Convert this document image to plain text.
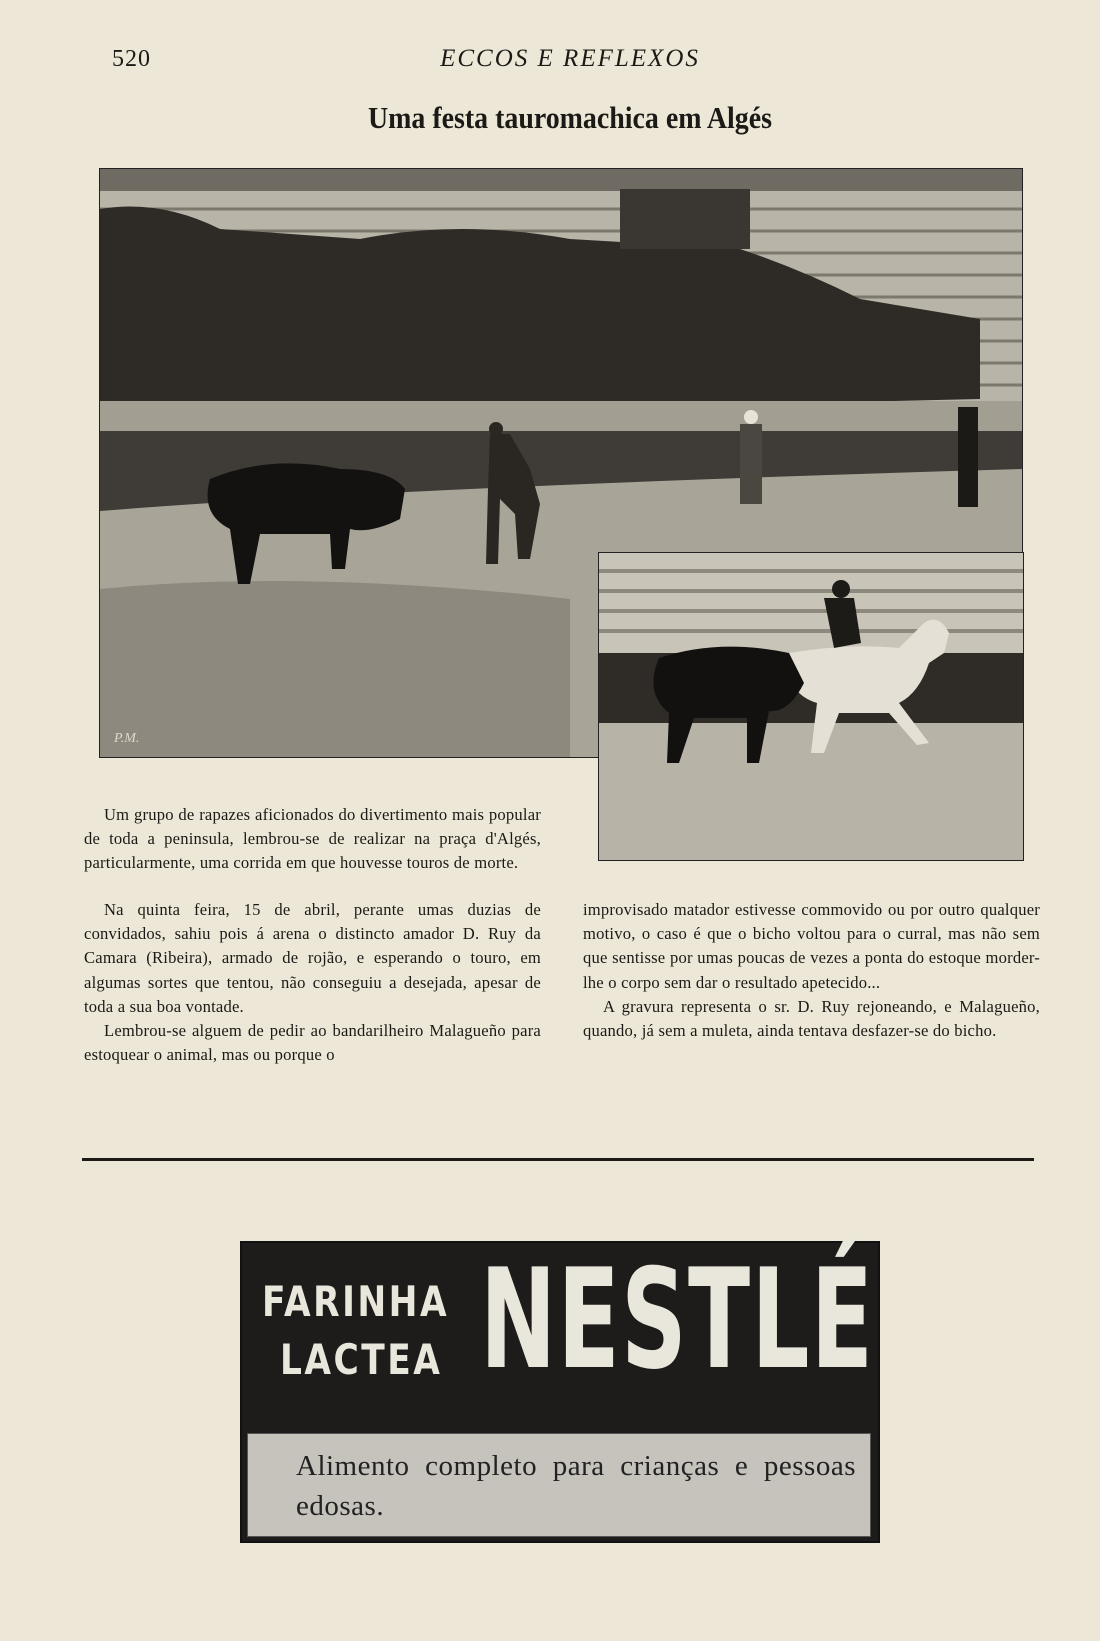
520	ECCOS E REFLEXOS
Uma festa tauromachica em Algés
P.M.

Um grupo de rapazes aficionados do divertimento mais popular de toda a peninsula, lembrou-se de realizar na praça d'Algés, particularmente, uma corrida em que houvesse touros de morte.

Na quinta feira, 15 de abril, perante umas duzias de convidados, sahiu pois á arena o distincto amador D. Ruy da Camara (Ribeira), armado de rojão, e esperando o touro, em algumas sortes que tentou, não conseguiu a desejada, apesar de toda a sua boa vontade.

Lembrou-se alguem de pedir ao bandarilheiro Malagueño para estoquear o animal, mas ou porque o

improvisado matador estivesse commovido ou por outro qualquer motivo, o caso é que o bicho voltou para o curral, mas não sem que sentisse por umas poucas de vezes a ponta do estoque morder-lhe o corpo sem dar o resultado apetecido...

A gravura representa o sr. D. Ruy rejoneando, e Malagueño, quando, já sem a muleta, ainda tentava desfazer-se do bicho.

FARINHA
LACTEA NESTLÉ
Alimento completo para crianças e pessoas edosas.
